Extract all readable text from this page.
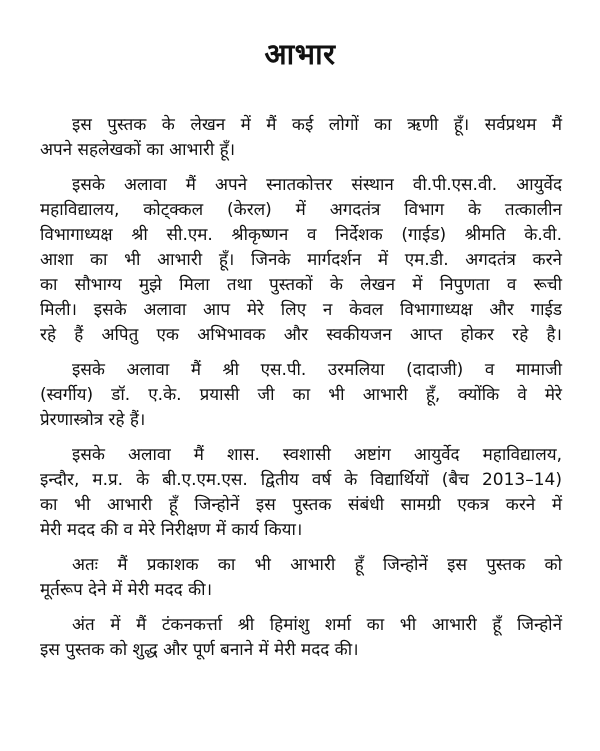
आभार
इस पुस्तक के लेखन में मैं कई लोगों का ऋणी हूँ। सर्वप्रथम मैं
अपने सहलेखकों का आभारी हूँ।
इसके अलावा मैं अपने स्नातकोत्तर संस्थान वी.पी.एस.वी. आयुर्वेद
महाविद्यालय, कोट्क्कल (केरल) में अगदतंत्र विभाग के तत्कालीन
विभागाध्यक्ष श्री सी.एम. श्रीकृष्णन व निर्देशक (गाईड) श्रीमति के.वी.
आशा का भी आभारी हूँ। जिनके मार्गदर्शन में एम.डी. अगदतंत्र करने
का सौभाग्य मुझे मिला तथा पुस्तकों के लेखन में निपुणता व रूची
मिली। इसके अलावा आप मेरे लिए न केवल विभागाध्यक्ष और गाईड
रहे हैं अपितु एक अभिभावक और स्वकीयजन आप्त होकर रहे है।
इसके अलावा मैं श्री एस.पी. उरमलिया (दादाजी) व मामाजी
(स्वर्गीय) डॉ. ए.के. प्रयासी जी का भी आभारी हूँ, क्योंकि वे मेरे
प्रेरणास्त्रोत्र रहे हैं।
इसके अलावा मैं शास. स्वशासी अष्टांग आयुर्वेद महाविद्यालय,
इन्दौर, म.प्र. के बी.ए.एम.एस. द्वितीय वर्ष के विद्यार्थियों (बैच 2013–14)
का भी आभारी हूँ जिन्होनें इस पुस्तक संबंधी सामग्री एकत्र करने में
मेरी मदद की व मेरे निरीक्षण में कार्य किया।
अतः मैं प्रकाशक का भी आभारी हूँ जिन्होनें इस पुस्तक को
मूर्तरूप देने में मेरी मदद की।
अंत में मैं टंकनकर्त्ता श्री हिमांशु शर्मा का भी आभारी हूँ जिन्होनें
इस पुस्तक को शुद्ध और पूर्ण बनाने में मेरी मदद की।
